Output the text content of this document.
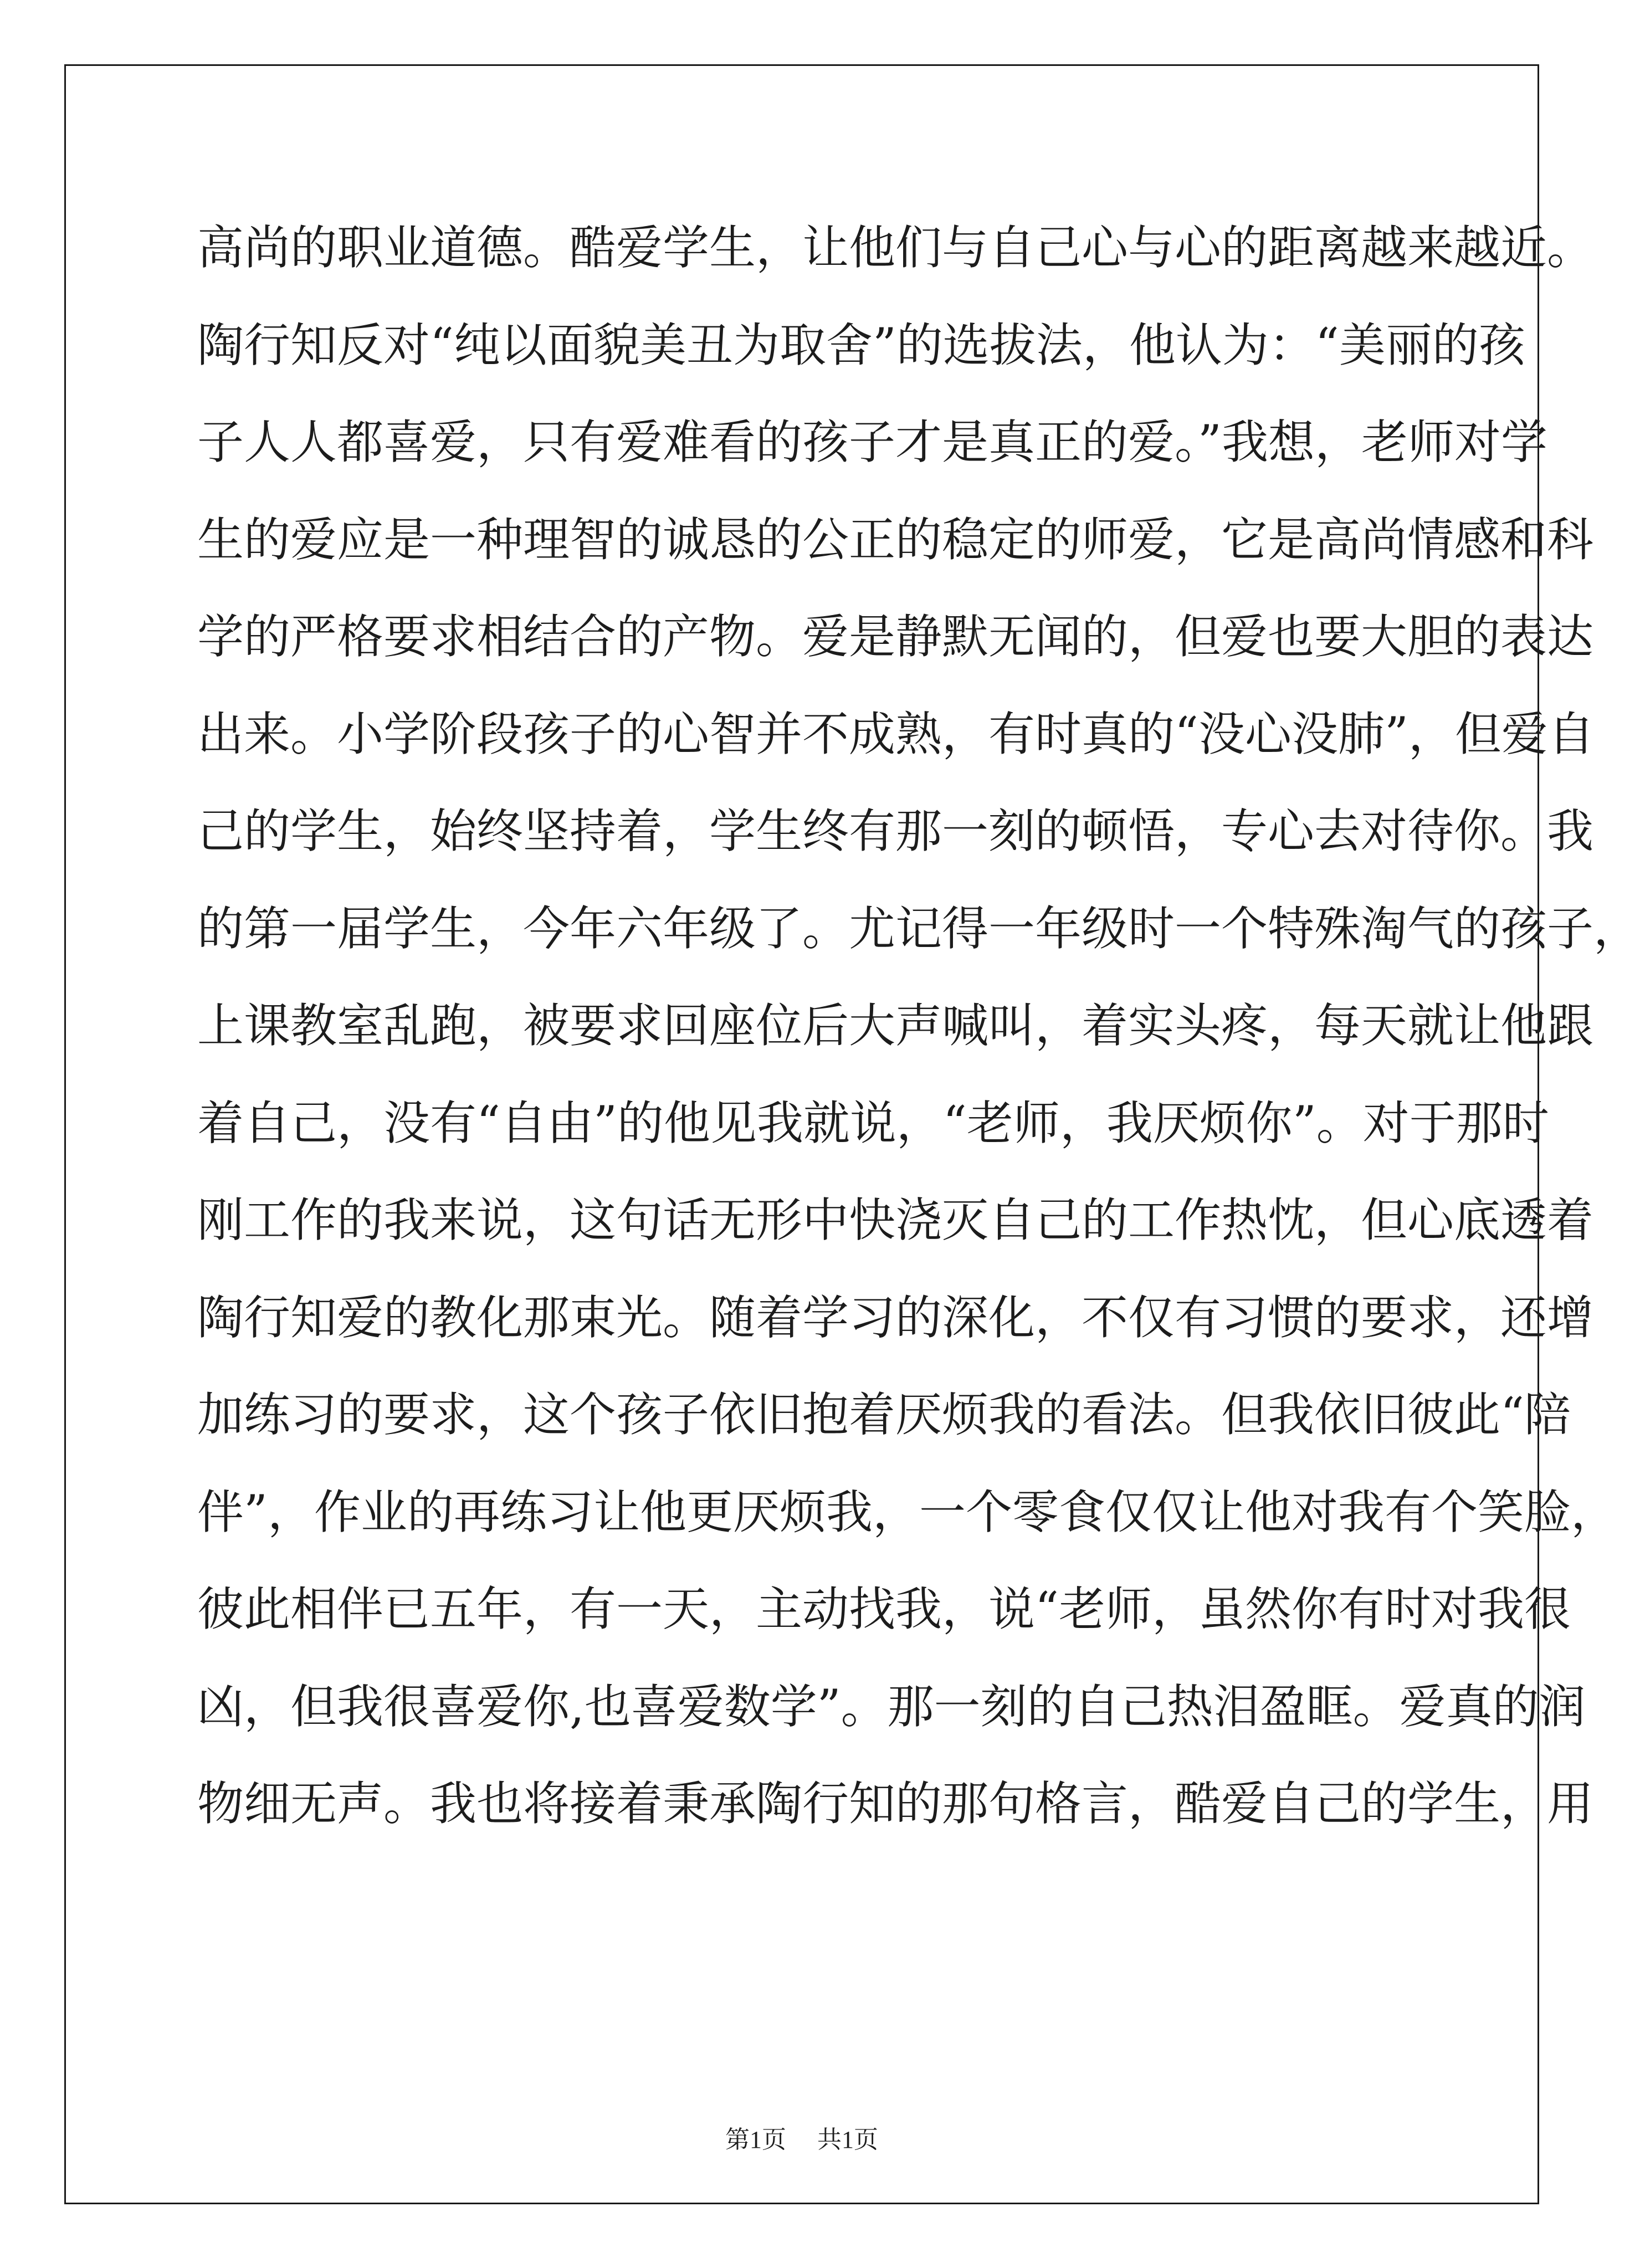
高尚的职业道德。酷爱学生，让他们与自己心与心的距离越来越近。
陶行知反对“纯以面貌美丑为取舍”的选拔法，他认为：“美丽的孩
子人人都喜爱，只有爱难看的孩子才是真正的爱。”我想，老师对学
生的爱应是一种理智的诚恳的公正的稳定的师爱，它是高尚情感和科
学的严格要求相结合的产物。爱是静默无闻的，但爱也要大胆的表达
出来。小学阶段孩子的心智并不成熟，有时真的“没心没肺”，但爱自
己的学生，始终坚持着，学生终有那一刻的顿悟，专心去对待你。我
的第一届学生，今年六年级了。尤记得一年级时一个特殊淘气的孩子，
上课教室乱跑，被要求回座位后大声喊叫，着实头疼，每天就让他跟
着自己，没有“自由”的他见我就说，“老师，我厌烦你”。对于那时
刚工作的我来说，这句话无形中快浇灭自己的工作热忱，但心底透着
陶行知爱的教化那束光。随着学习的深化，不仅有习惯的要求，还增
加练习的要求，这个孩子依旧抱着厌烦我的看法。但我依旧彼此“陪
伴”，作业的再练习让他更厌烦我，一个零食仅仅让他对我有个笑脸，
彼此相伴已五年，有一天，主动找我，说“老师，虽然你有时对我很
凶，但我很喜爱你,也喜爱数学”。那一刻的自己热泪盈眶。爱真的润
物细无声。我也将接着秉承陶行知的那句格言，酷爱自己的学生，用
第1页 共1页
